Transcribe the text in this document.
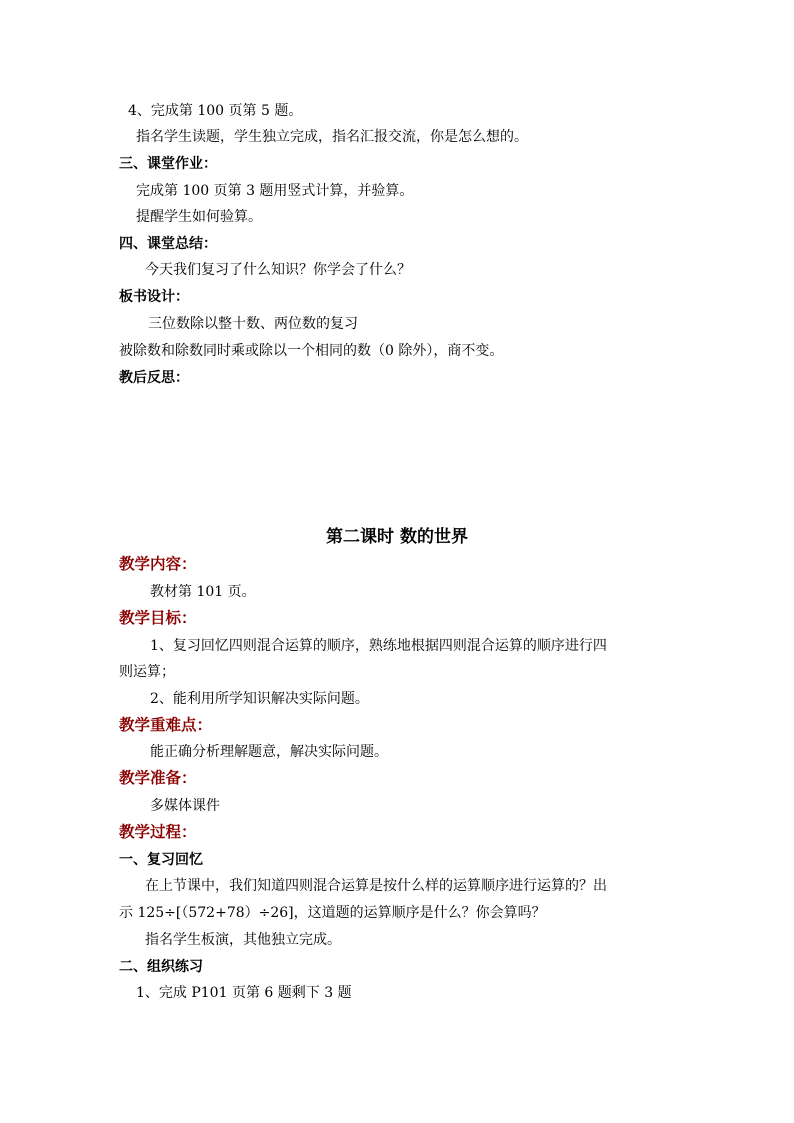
4、完成第 100 页第 5 题。
指名学生读题，学生独立完成，指名汇报交流，你是怎么想的。
三、课堂作业：
完成第 100 页第 3 题用竖式计算，并验算。
提醒学生如何验算。
四、课堂总结：
今天我们复习了什么知识？你学会了什么？
板书设计：
三位数除以整十数、两位数的复习
被除数和除数同时乘或除以一个相同的数（0 除外），商不变。
教后反思：
第二课时 数的世界
教学内容：
教材第 101 页。
教学目标：
1、复习回忆四则混合运算的顺序，熟练地根据四则混合运算的顺序进行四
则运算；
2、能利用所学知识解决实际问题。
教学重难点：
能正确分析理解题意，解决实际问题。
教学准备：
多媒体课件
教学过程：
一、复习回忆
在上节课中，我们知道四则混合运算是按什么样的运算顺序进行运算的？出
示 125÷[（572+78）÷26]，这道题的运算顺序是什么？你会算吗？
指名学生板演，其他独立完成。
二、组织练习
1、完成 P101 页第 6 题剩下 3 题
